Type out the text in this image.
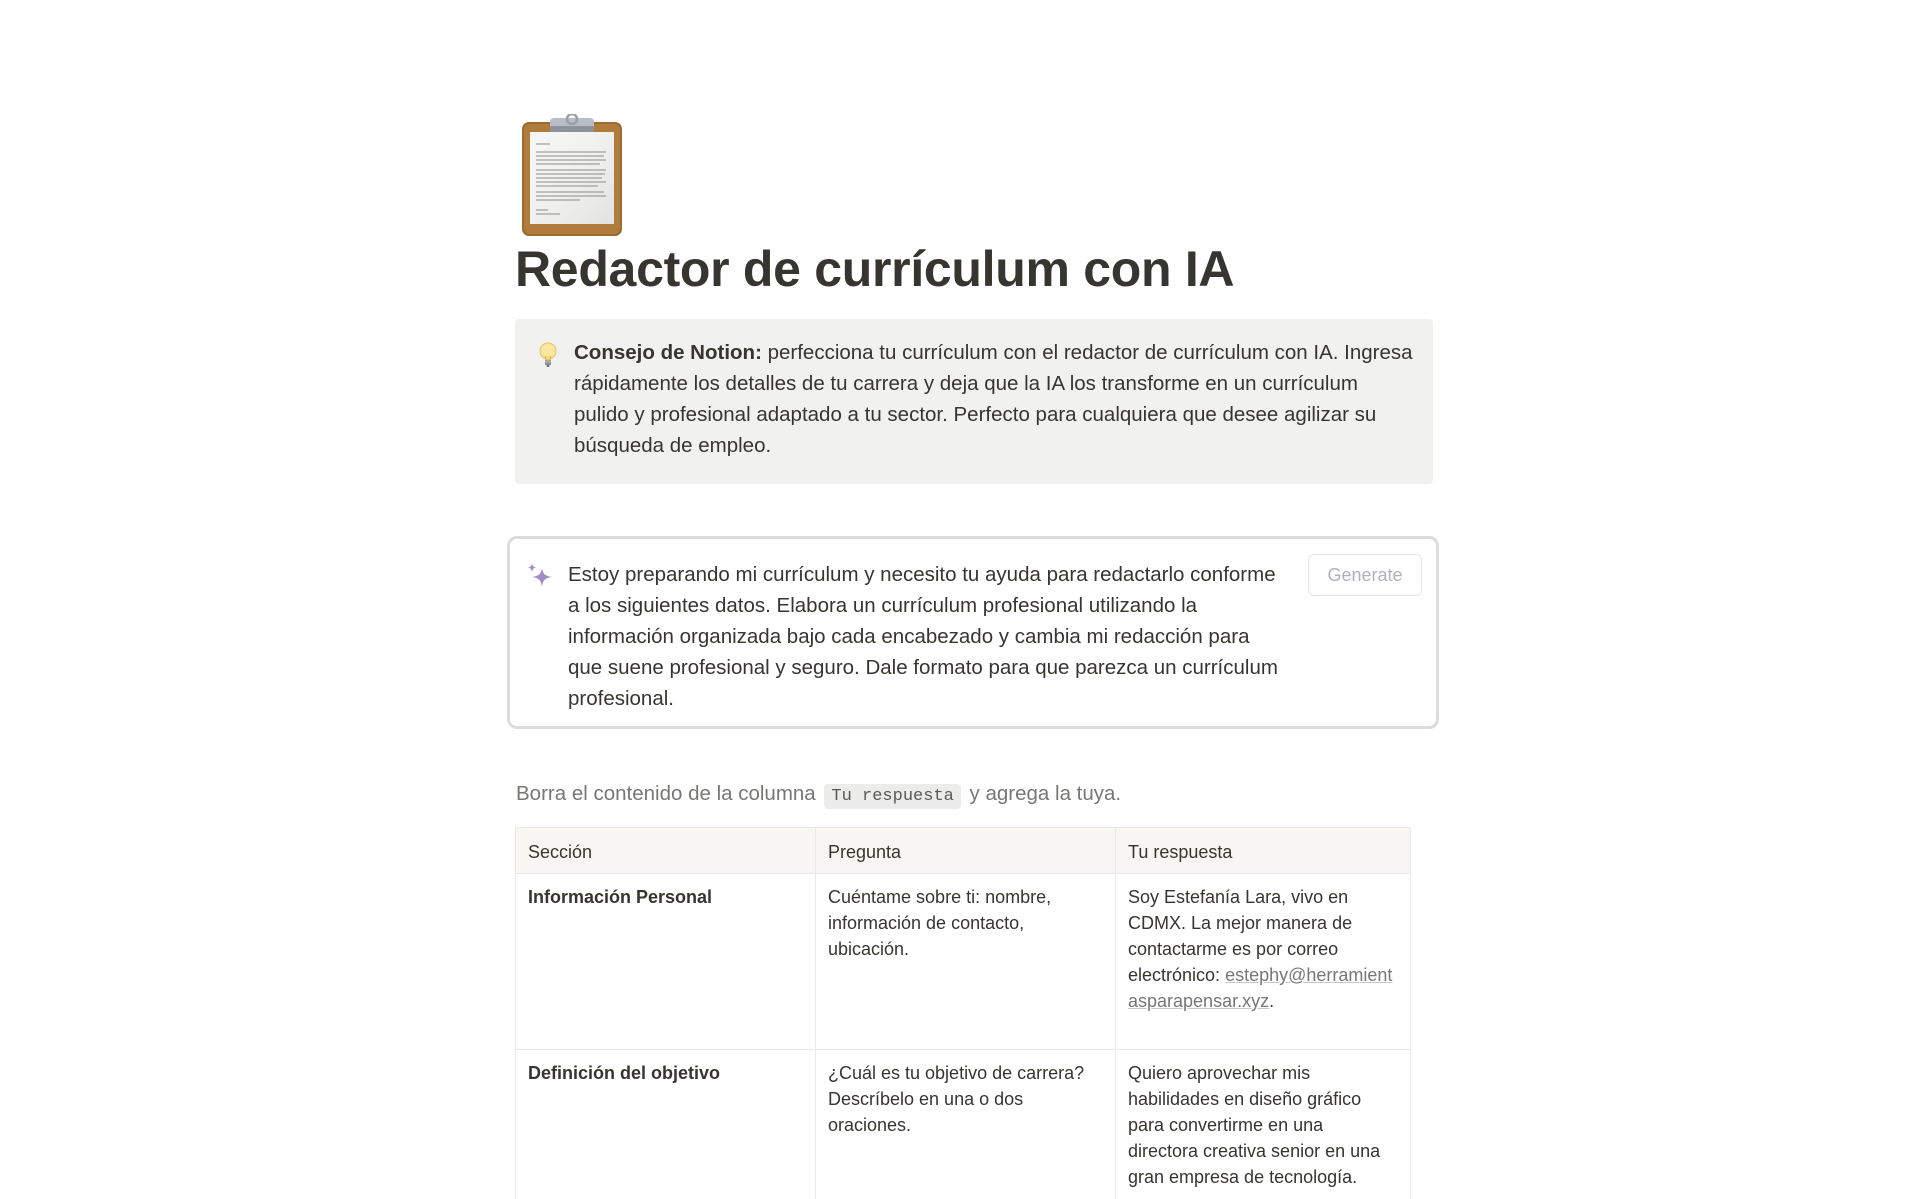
Redactor de currículum con IA
Consejo de Notion: perfecciona tu currículum con el redactor de currículum con IA. Ingresa rápidamente los detalles de tu carrera y deja que la IA los transforme en un currículum pulido y profesional adaptado a tu sector. Perfecto para cualquiera que desee agilizar su búsqueda de empleo.
Estoy preparando mi currículum y necesito tu ayuda para redactarlo conforme a los siguientes datos. Elabora un currículum profesional utilizando la información organizada bajo cada encabezado y cambia mi redacción para que suene profesional y seguro. Dale formato para que parezca un currículum profesional.
Generate
Borra el contenido de la columna Tu respuesta y agrega la tuya.
Sección	Pregunta	Tu respuesta
Información Personal	Cuéntame sobre ti: nombre, información de contacto, ubicación.	Soy Estefanía Lara, vivo en CDMX. La mejor manera de contactarme es por correo electrónico: estephy@herramientasparapensar.xyz.
Definición del objetivo	¿Cuál es tu objetivo de carrera? Descríbelo en una o dos oraciones.	Quiero aprovechar mis habilidades en diseño gráfico para convertirme en una directora creativa senior en una gran empresa de tecnología.
